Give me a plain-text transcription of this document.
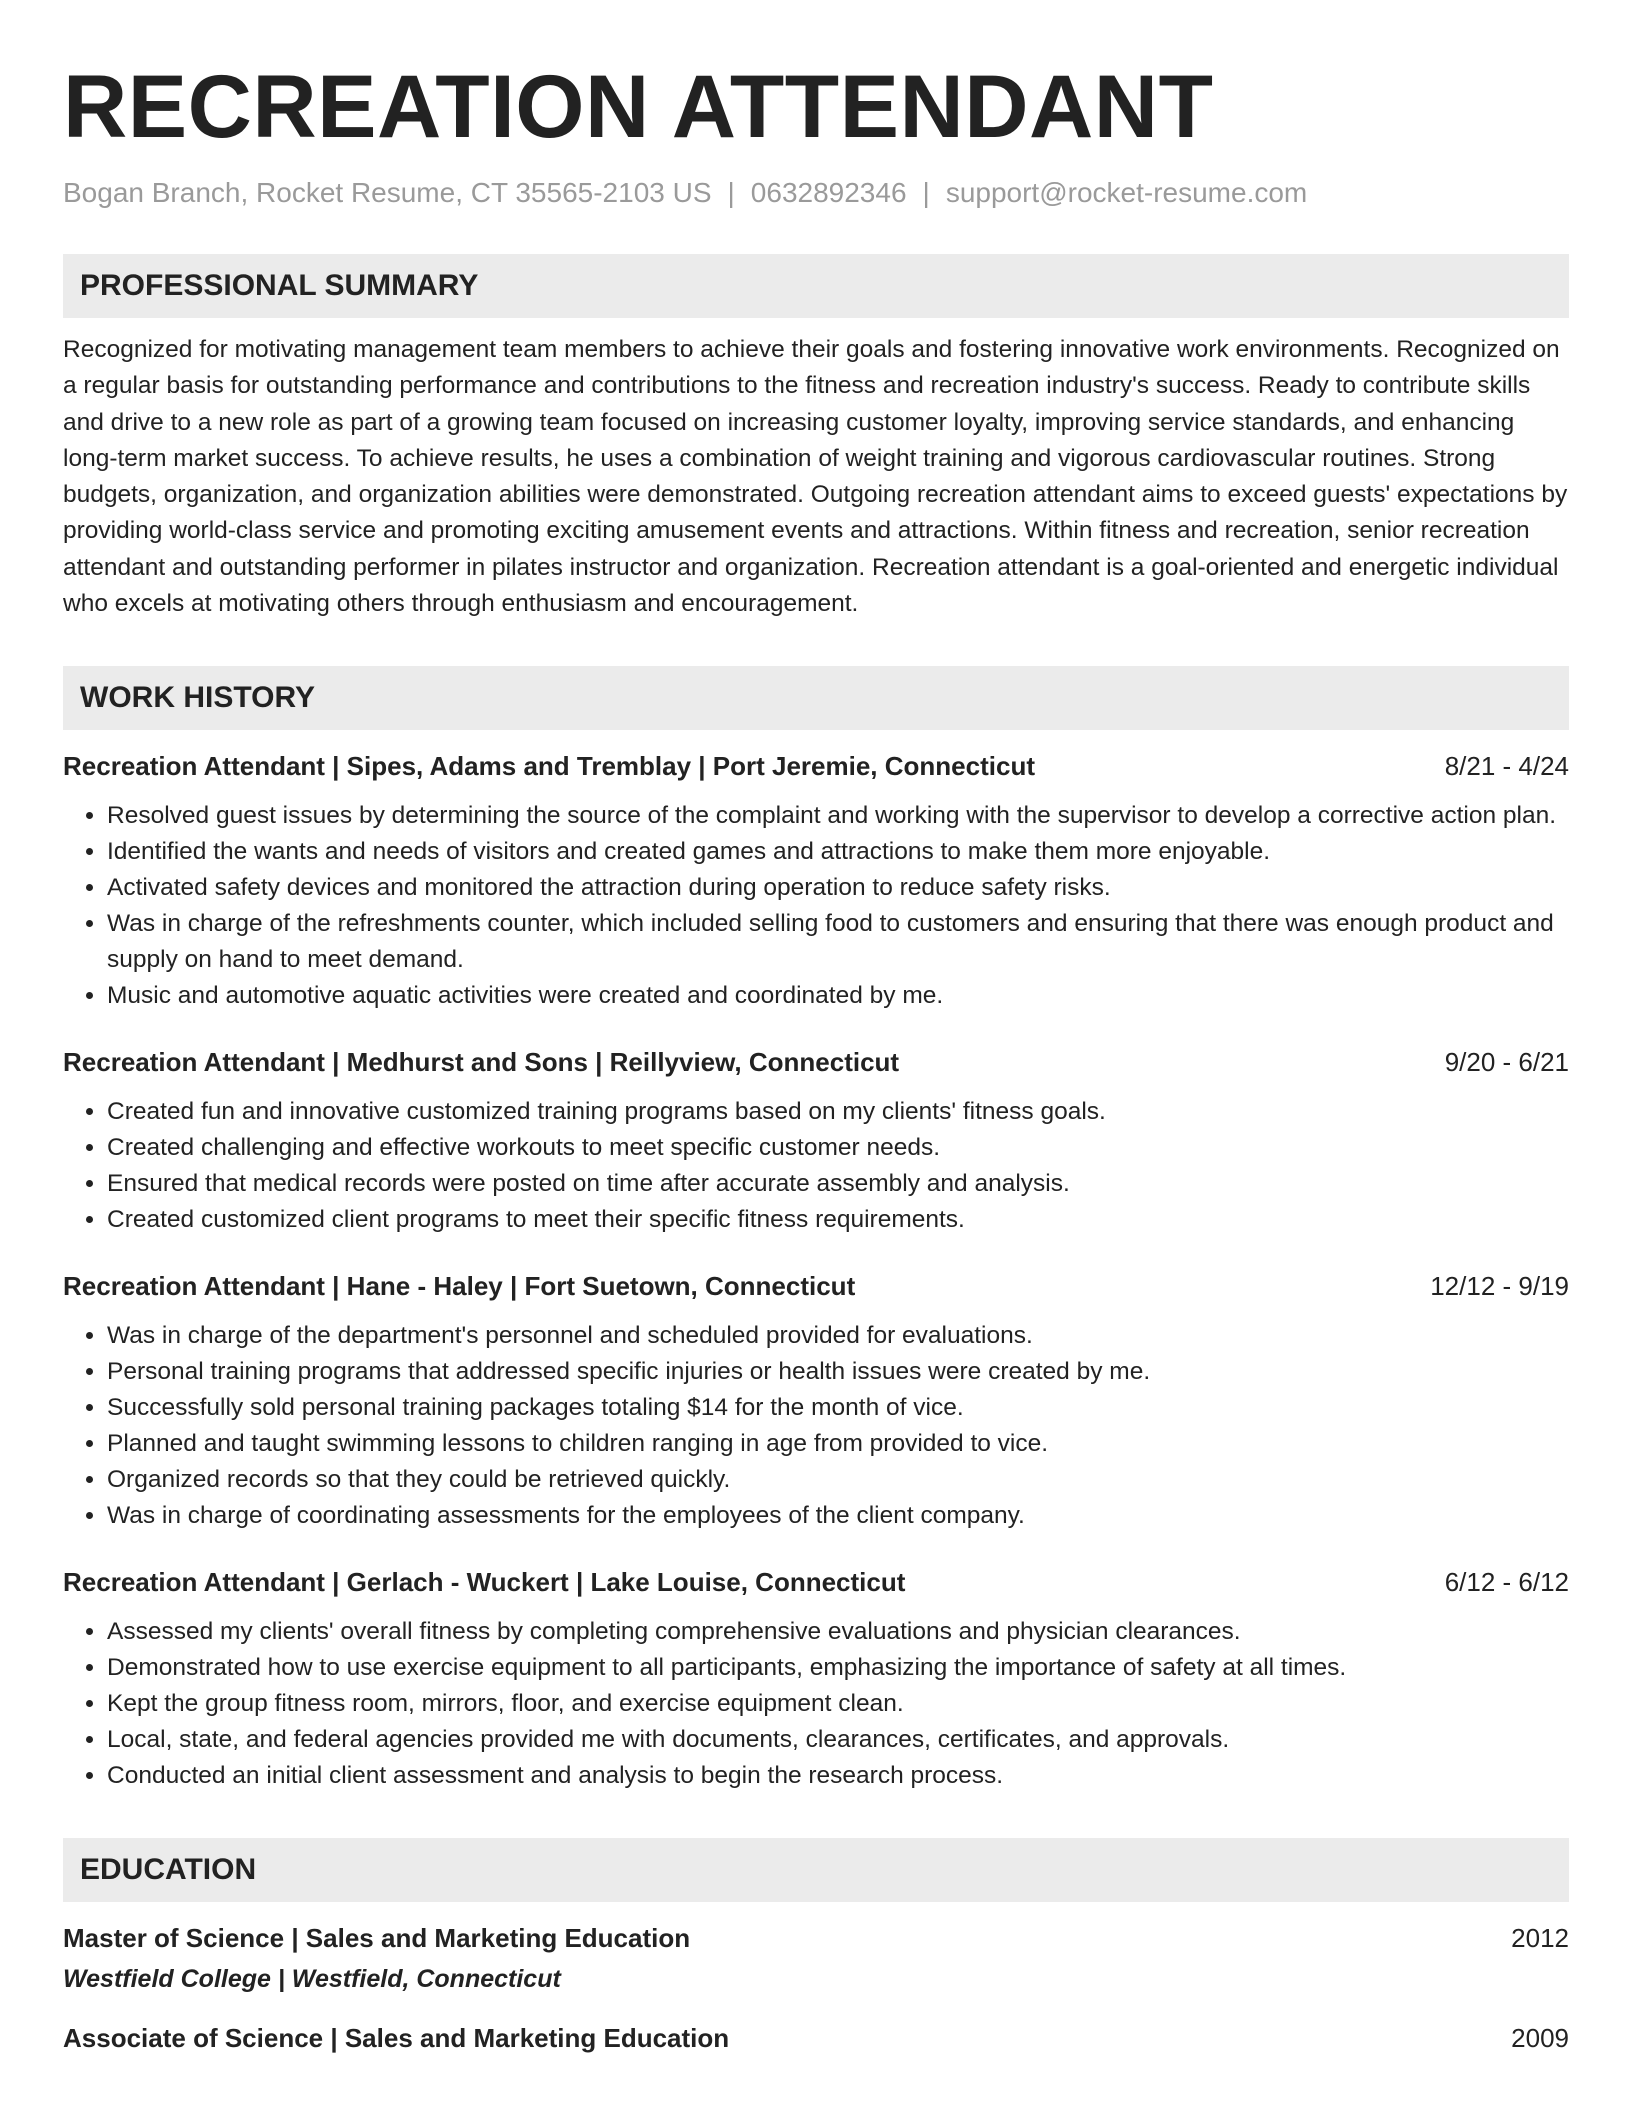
RECREATION ATTENDANT
Bogan Branch, Rocket Resume, CT 35565-2103 US | 0632892346 | support@rocket-resume.com
PROFESSIONAL SUMMARY
Recognized for motivating management team members to achieve their goals and fostering innovative work environments. Recognized on a regular basis for outstanding performance and contributions to the fitness and recreation industry's success. Ready to contribute skills and drive to a new role as part of a growing team focused on increasing customer loyalty, improving service standards, and enhancing long-term market success. To achieve results, he uses a combination of weight training and vigorous cardiovascular routines. Strong budgets, organization, and organization abilities were demonstrated. Outgoing recreation attendant aims to exceed guests' expectations by providing world-class service and promoting exciting amusement events and attractions. Within fitness and recreation, senior recreation attendant and outstanding performer in pilates instructor and organization. Recreation attendant is a goal-oriented and energetic individual who excels at motivating others through enthusiasm and encouragement.
WORK HISTORY
Recreation Attendant | Sipes, Adams and Tremblay | Port Jeremie, Connecticut	8/21 - 4/24
• Resolved guest issues by determining the source of the complaint and working with the supervisor to develop a corrective action plan.
• Identified the wants and needs of visitors and created games and attractions to make them more enjoyable.
• Activated safety devices and monitored the attraction during operation to reduce safety risks.
• Was in charge of the refreshments counter, which included selling food to customers and ensuring that there was enough product and supply on hand to meet demand.
• Music and automotive aquatic activities were created and coordinated by me.
Recreation Attendant | Medhurst and Sons | Reillyview, Connecticut	9/20 - 6/21
• Created fun and innovative customized training programs based on my clients' fitness goals.
• Created challenging and effective workouts to meet specific customer needs.
• Ensured that medical records were posted on time after accurate assembly and analysis.
• Created customized client programs to meet their specific fitness requirements.
Recreation Attendant | Hane - Haley | Fort Suetown, Connecticut	12/12 - 9/19
• Was in charge of the department's personnel and scheduled provided for evaluations.
• Personal training programs that addressed specific injuries or health issues were created by me.
• Successfully sold personal training packages totaling $14 for the month of vice.
• Planned and taught swimming lessons to children ranging in age from provided to vice.
• Organized records so that they could be retrieved quickly.
• Was in charge of coordinating assessments for the employees of the client company.
Recreation Attendant | Gerlach - Wuckert | Lake Louise, Connecticut	6/12 - 6/12
• Assessed my clients' overall fitness by completing comprehensive evaluations and physician clearances.
• Demonstrated how to use exercise equipment to all participants, emphasizing the importance of safety at all times.
• Kept the group fitness room, mirrors, floor, and exercise equipment clean.
• Local, state, and federal agencies provided me with documents, clearances, certificates, and approvals.
• Conducted an initial client assessment and analysis to begin the research process.
EDUCATION
Master of Science | Sales and Marketing Education	2012
Westfield College | Westfield, Connecticut
Associate of Science | Sales and Marketing Education	2009
